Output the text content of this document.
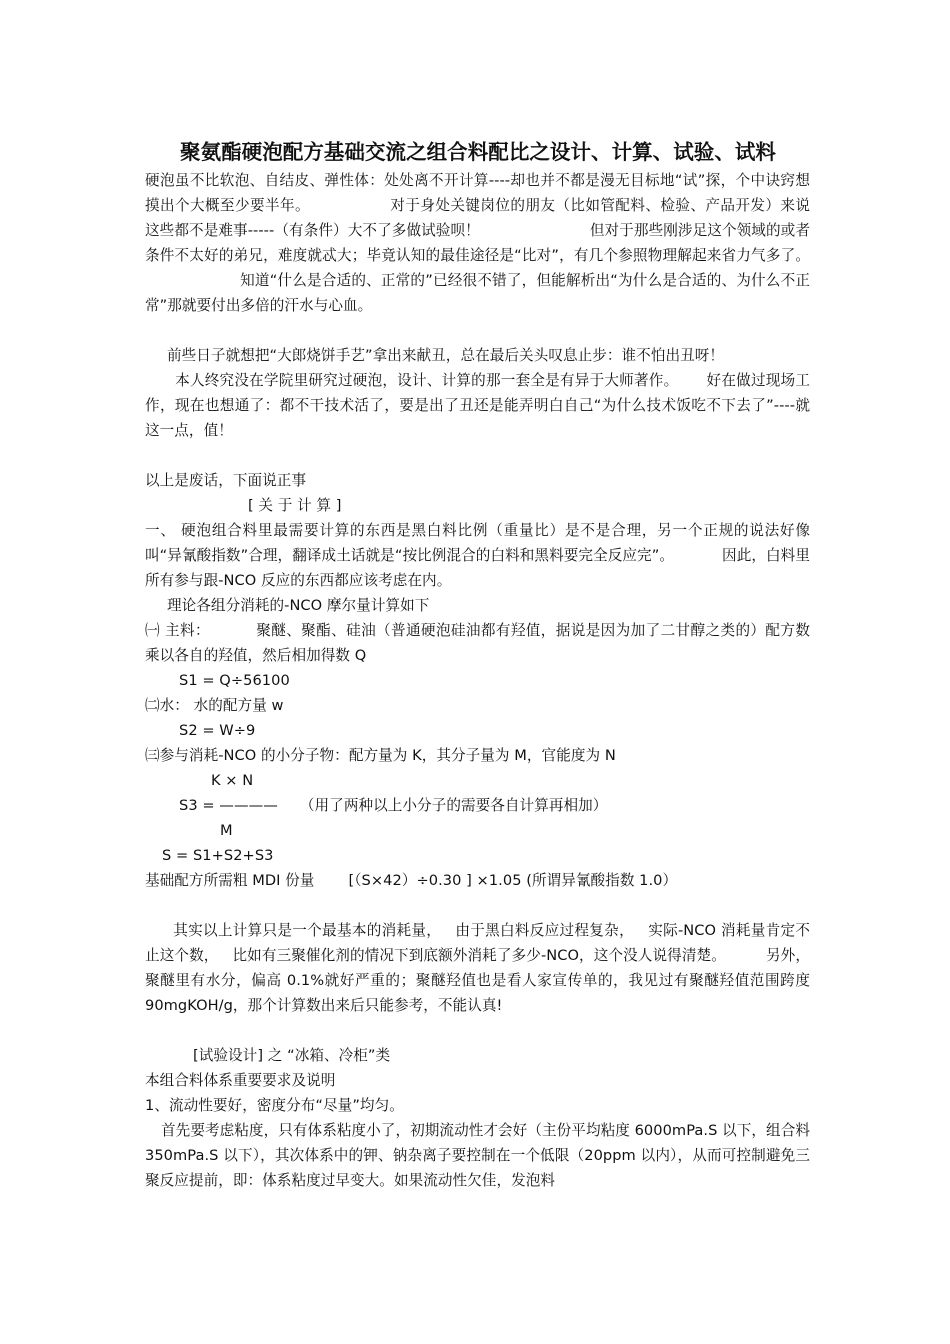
聚氨酯硬泡配方基础交流之组合料配比之设计、计算、试验、试料

硬泡虽不比软泡、自结皮、弹性体：处处离不开计算----却也并不都是漫无目标地“试”探，个中诀窍想摸出个大概至少要半年。	对于身处关键岗位的朋友（比如管配料、检验、产品开发）来说这些都不是难事-----（有条件）大不了多做试验呗！	但对于那些刚涉足这个领域的或者条件不太好的弟兄，难度就忒大；毕竟认知的最佳途径是“比对”，有几个参照物理解起来省力气多了。知道“什么是合适的、正常的”已经很不错了，但能解析出“为什么是合适的、为什么不正常”那就要付出多倍的汗水与心血。

前些日子就想把“大郎烧饼手艺”拿出来献丑，总在最后关头叹息止步：谁不怕出丑呀！

本人终究没在学院里研究过硬泡，设计、计算的那一套全是有异于大师著作。 好在做过现场工作，现在也想通了：都不干技术活了，要是出了丑还是能弄明白自己“为什么技术饭吃不下去了”----就这一点，值！

以上是废话，下面说正事

[ 关 于 计 算 ]

一、 硬泡组合料里最需要计算的东西是黑白料比例（重量比）是不是合理，另一个正规的说法好像叫“异氰酸指数”合理，翻译成土话就是“按比例混合的白料和黑料要完全反应完”。	因此，白料里所有参与跟-NCO 反应的东西都应该考虑在内。

理论各组分消耗的-NCO 摩尔量计算如下

㈠ 主料：	聚醚、聚酯、硅油（普通硬泡硅油都有羟值，据说是因为加了二甘醇之类的）配方数乘以各自的羟值，然后相加得数 Q

S1 = Q÷56100

㈡水： 水的配方量 w

S2 = W÷9

㈢参与消耗-NCO 的小分子物：配方量为 K，其分子量为 M，官能度为 N

K × N

S3 = ———— （用了两种以上小分子的需要各自计算再相加）

M

S = S1+S2+S3

基础配方所需粗 MDI 份量 [（S×42）÷0.30 ] ×1.05 (所谓异氰酸指数 1.0）

其实以上计算只是一个最基本的消耗量， 由于黑白料反应过程复杂， 实际-NCO 消耗量肯定不止这个数， 比如有三聚催化剂的情况下到底额外消耗了多少-NCO，这个没人说得清楚。	另外，聚醚里有水分，偏高 0.1%就好严重的；聚醚羟值也是看人家宣传单的，我见过有聚醚羟值范围跨度 90mgKOH/g，那个计算数出来后只能参考，不能认真!

[试验设计] 之 “冰箱、冷柜”类

本组合料体系重要要求及说明

1、流动性要好，密度分布“尽量”均匀。

首先要考虑粘度，只有体系粘度小了，初期流动性才会好（主份平均粘度 6000mPa.S 以下，组合料 350mPa.S 以下），其次体系中的钾、钠杂离子要控制在一个低限（20ppm 以内），从而可控制避免三聚反应提前，即：体系粘度过早变大。如果流动性欠佳，发泡料
